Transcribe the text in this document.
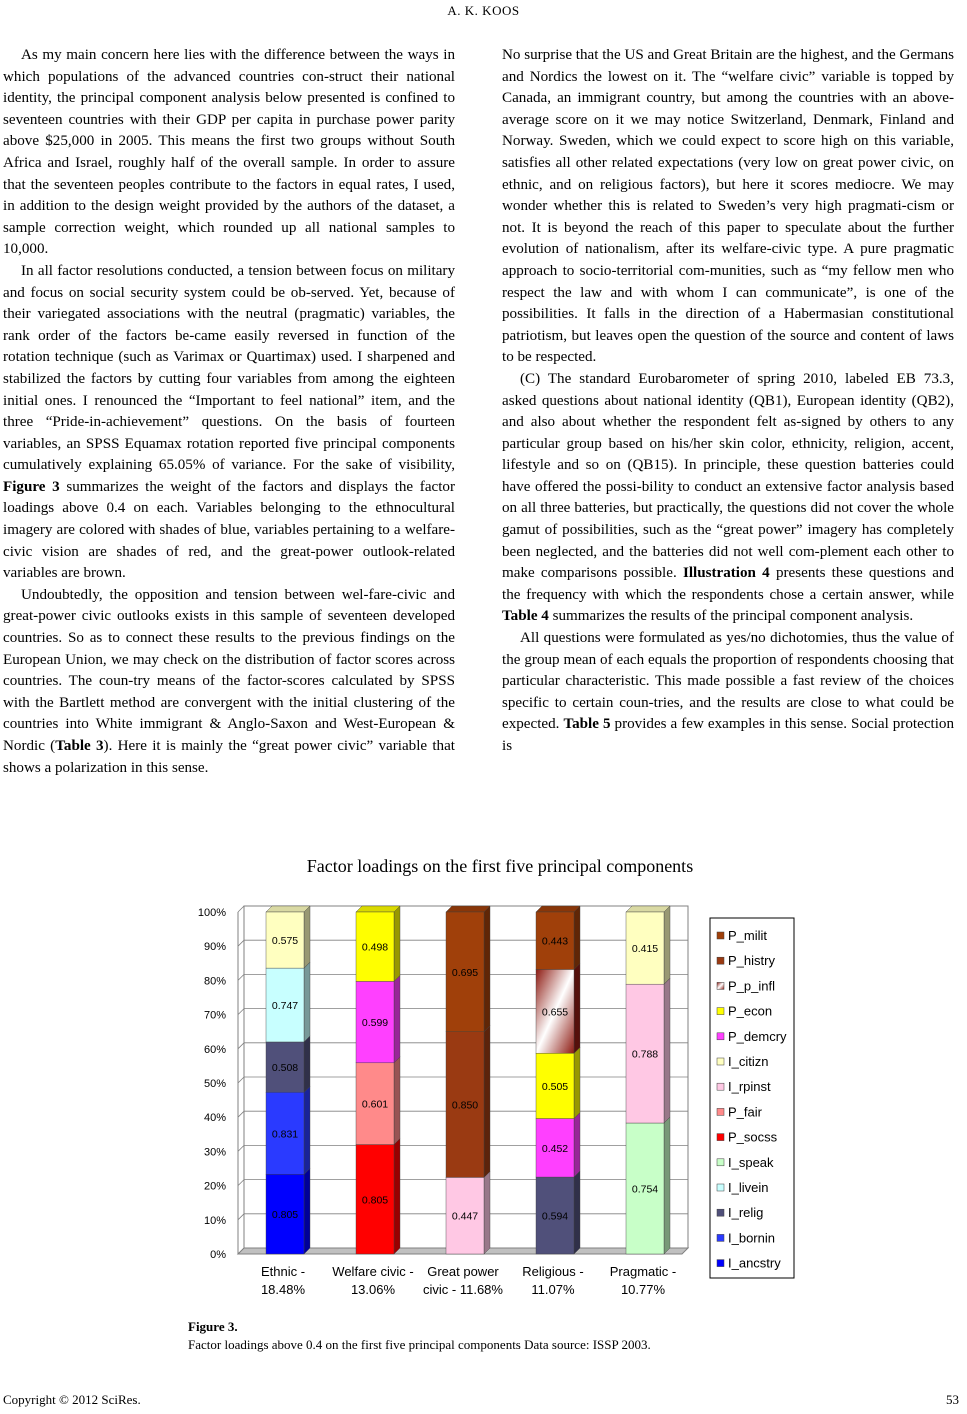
A. K. KOOS

As my main concern here lies with the difference between the ways in which populations of the advanced countries con-struct their national identity, the principal component analysis below presented is confined to seventeen countries with their GDP per capita in purchase power parity above $25,000 in 2005. This means the first two groups without South Africa and Israel, roughly half of the overall sample. In order to assure that the seventeen peoples contribute to the factors in equal rates, I used, in addition to the design weight provided by the authors of the dataset, a sample correction weight, which rounded up all national samples to 10,000.

In all factor resolutions conducted, a tension between focus on military and focus on social security system could be ob-served. Yet, because of their variegated associations with the neutral (pragmatic) variables, the rank order of the factors be-came easily reversed in function of the rotation technique (such as Varimax or Quartimax) used. I sharpened and stabilized the factors by cutting four variables from among the eighteen initial ones. I renounced the “Important to feel national” item, and the three “Pride-in-achievement” questions. On the basis of fourteen variables, an SPSS Equamax rotation reported five principal components cumulatively explaining 65.05% of variance. For the sake of visibility, Figure 3 summarizes the weight of the factors and displays the factor loadings above 0.4 on each. Variables belonging to the ethnocultural imagery are colored with shades of blue, variables pertaining to a welfare-civic vision are shades of red, and the great-power outlook-related variables are brown.

Undoubtedly, the opposition and tension between wel-fare-civic and great-power civic outlooks exists in this sample of seventeen developed countries. So as to connect these results to the previous findings on the European Union, we may check on the distribution of factor scores across countries. The coun-try means of the factor-scores calculated by SPSS with the Bartlett method are convergent with the initial clustering of the countries into White immigrant & Anglo-Saxon and West-European & Nordic (Table 3). Here it is mainly the “great power civic” variable that shows a polarization in this sense.

No surprise that the US and Great Britain are the highest, and the Germans and Nordics the lowest on it. The “welfare civic” variable is topped by Canada, an immigrant country, but among the countries with an above-average score on it we may notice Switzerland, Denmark, Finland and Norway. Sweden, which we could expect to score high on this variable, satisfies all other related expectations (very low on great power civic, on ethnic, and on religious factors), but here it scores mediocre. We may wonder whether this is related to Sweden’s very high pragmati-cism or not. It is beyond the reach of this paper to speculate about the further evolution of nationalism, after its welfare-civic type. A pure pragmatic approach to socio-territorial com-munities, such as “my fellow men who respect the law and with whom I can communicate”, is one of the possibilities. It falls in the direction of a Habermasian constitutional patriotism, but leaves open the question of the source and content of laws to be respected.

(C) The standard Eurobarometer of spring 2010, labeled EB 73.3, asked questions about national identity (QB1), European identity (QB2), and also about whether the respondent felt as-signed by others to any particular group based on his/her skin color, ethnicity, religion, accent, lifestyle and so on (QB15). In principle, these question batteries could have offered the possi-bility to conduct an extensive factor analysis based on all three batteries, but practically, the questions did not cover the whole gamut of possibilities, such as the “great power” imagery has completely been neglected, and the batteries did not well com-plement each other to make comparisons possible. Illustration 4 presents these questions and the frequency with which the respondents chose a certain answer, while Table 4 summarizes the results of the principal component analysis.

All questions were formulated as yes/no dichotomies, thus the value of the group mean of each equals the proportion of respondents choosing that particular characteristic. This made possible a fast review of the choices specific to certain coun-tries, and the results are close to what could be expected. Table 5 provides a few examples in this sense. Social protection is

Factor loadings on the first five principal components
0%
10%
20%
30%
40%
50%
60%
70%
80%
90%
100%
0.805
0.831
0.508
0.747
0.575
Ethnic -
18.48%
0.805
0.601
0.599
0.498
Welfare civic -
13.06%
0.447
0.850
0.695
Great power
civic - 11.68%
0.594
0.452
0.505
0.655
0.443
Religious -
11.07%
0.754
0.788
0.415
Pragmatic -
10.77%
P_milit
P_histry
P_p_infl
P_econ
P_demcry
I_citizn
I_rpinst
P_fair
P_socss
I_speak
I_livein
I_relig
I_bornin
I_ancstry
Figure 3.
Factor loadings above 0.4 on the first five principal components Data source: ISSP 2003.
Copyright © 2012 SciRes.	53
